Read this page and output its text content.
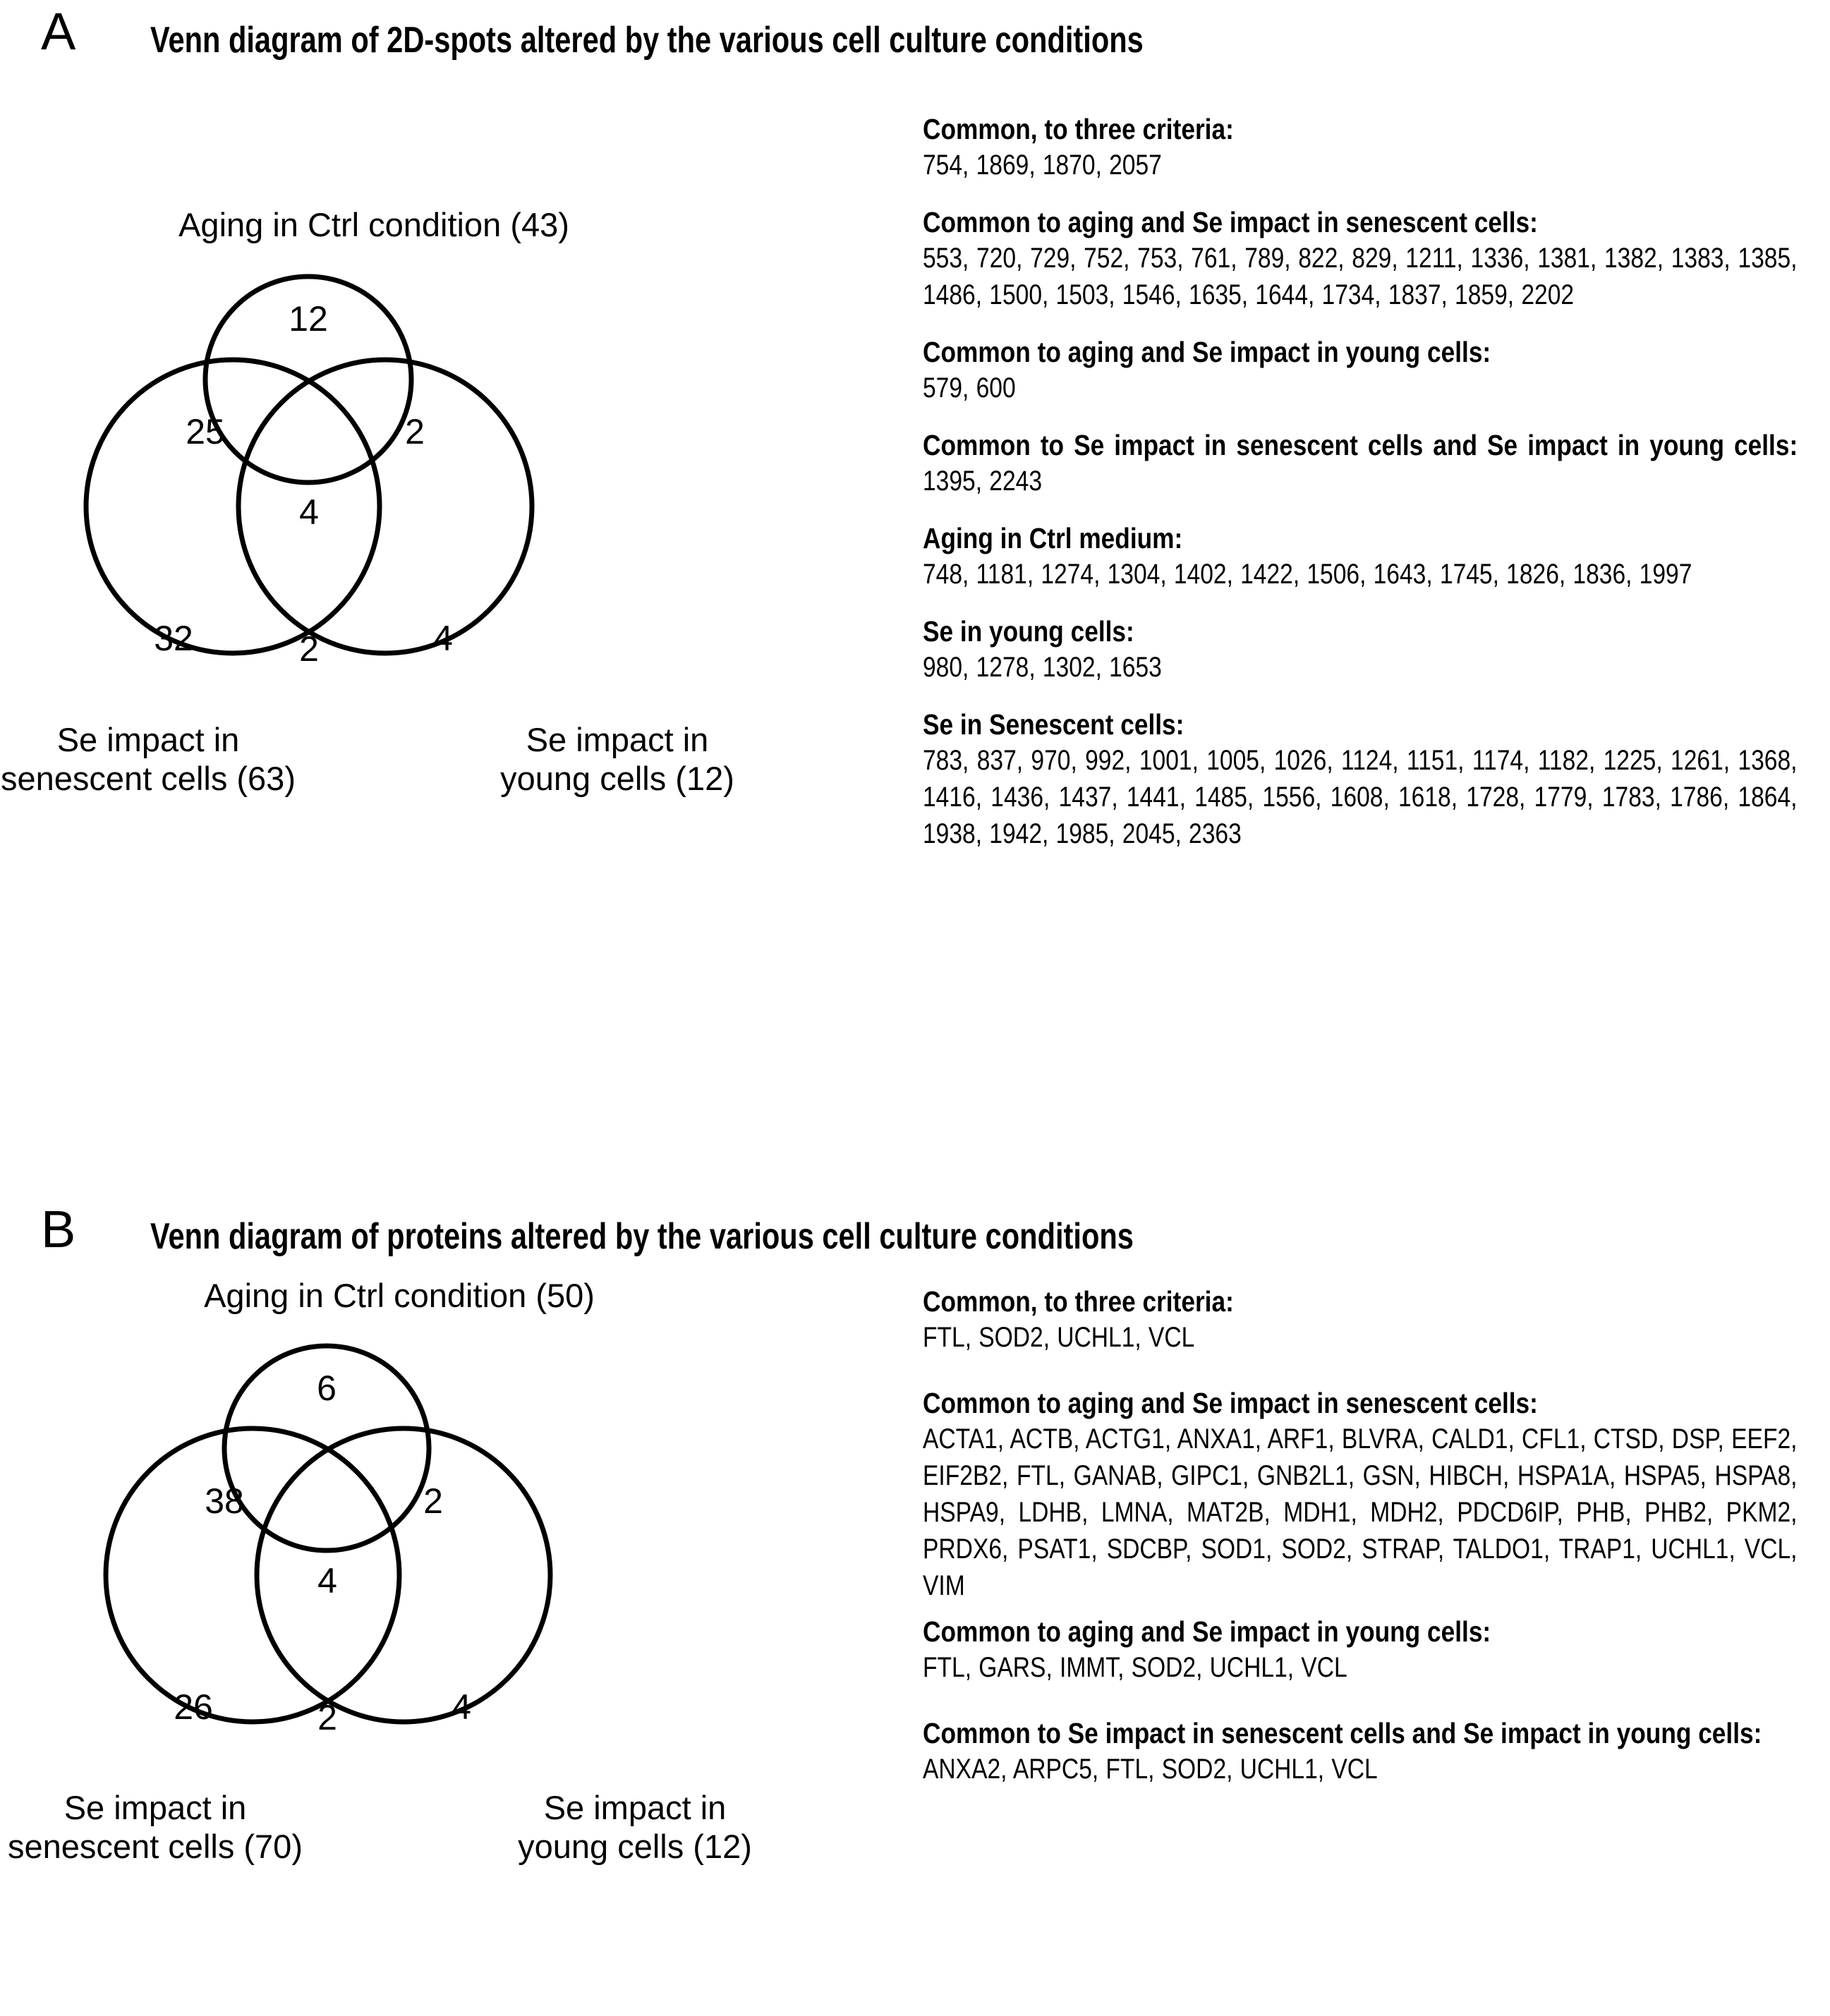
A Venn diagram of 2D-spots altered by the various cell culture conditions
Aging in Ctrl condition (43)
12
25	2
4
32	2	4
Se impact in
senescent cells (63)
Se impact in
young cells (12)

Common, to three criteria:

754, 1869, 1870, 2057

Common to aging and Se impact in senescent cells:

553, 720, 729, 752, 753, 761, 789, 822, 829, 1211, 1336, 1381, 1382, 1383, 1385, 1486, 1500, 1503, 1546, 1635, 1644, 1734, 1837, 1859, 2202

Common to aging and Se impact in young cells:

579, 600

Common to Se impact in senescent cells and Se impact in young cells:

1395, 2243

Aging in Ctrl medium:

748, 1181, 1274, 1304, 1402, 1422, 1506, 1643, 1745, 1826, 1836, 1997

Se in young cells:

980, 1278, 1302, 1653

Se in Senescent cells:

783, 837, 970, 992, 1001, 1005, 1026, 1124, 1151, 1174, 1182, 1225, 1261, 1368, 1416, 1436, 1437, 1441, 1485, 1556, 1608, 1618, 1728, 1779, 1783, 1786, 1864, 1938, 1942, 1985, 2045, 2363

B Venn diagram of proteins altered by the various cell culture conditions
Aging in Ctrl condition (50)
6
38	2
4
26	2	4
Se impact in
senescent cells (70)
Se impact in
young cells (12)

Common, to three criteria:

FTL, SOD2, UCHL1, VCL

Common to aging and Se impact in senescent cells:

ACTA1, ACTB, ACTG1, ANXA1, ARF1, BLVRA, CALD1, CFL1, CTSD, DSP, EEF2, EIF2B2, FTL, GANAB, GIPC1, GNB2L1, GSN, HIBCH, HSPA1A, HSPA5, HSPA8, HSPA9, LDHB, LMNA, MAT2B, MDH1, MDH2, PDCD6IP, PHB, PHB2, PKM2, PRDX6, PSAT1, SDCBP, SOD1, SOD2, STRAP, TALDO1, TRAP1, UCHL1, VCL, VIM

Common to aging and Se impact in young cells:

FTL, GARS, IMMT, SOD2, UCHL1, VCL

Common to Se impact in senescent cells and Se impact in young cells:

ANXA2, ARPC5, FTL, SOD2, UCHL1, VCL
